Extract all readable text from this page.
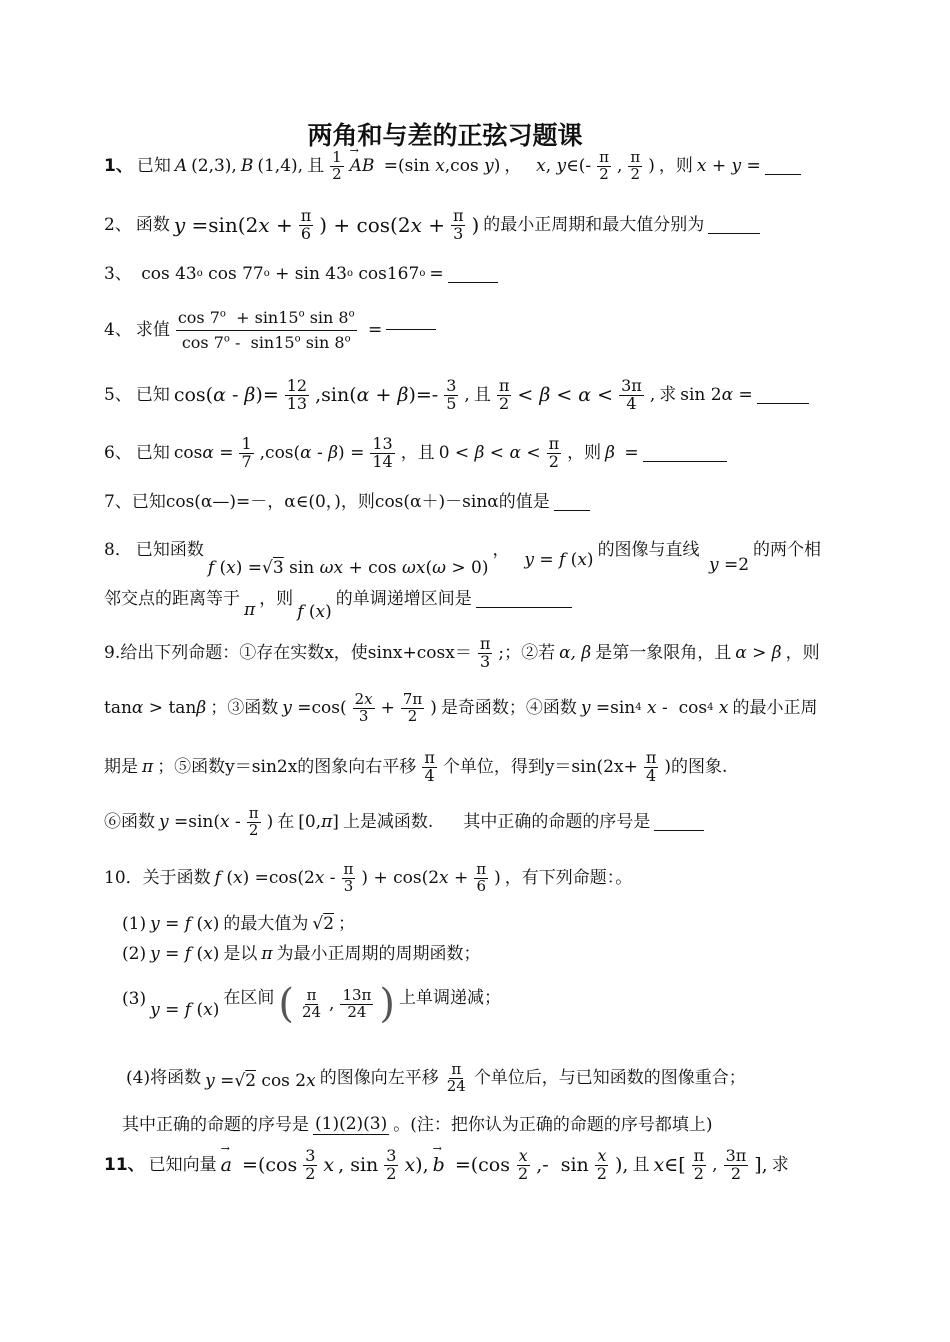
两角和与差的正弦习题课
1、 已知 A (2,3), B (1,4), 且 $\frac{1}{2}$ → AB =(sin x ,cos y ) ，
x , y ∈(- $\frac{\pi}{2}$ , $\frac{\pi}{2}$ ) ，则 x + y =
2、 函数 y =sin(2 $x + \frac{\pi}{6}$ ) + cos(2 $x + \frac{\pi}{3}$ ) 的最小正周期和最大值分别为
3、 cos 43 o cos 77 o + sin 43 o cos167 o =
4、 求值 $\frac{\cos 7^o + \sin 15^o \sin 8^o}{\cos 7^o - \sin 15^o \sin 8^o}$ =
5、 已知 cos( α - β )= $\frac{12}{13} ,\sin$( α + β )=- $\frac{3}{5}$ , 且 $\frac{\pi}{2} < \beta < \alpha < \frac{3\pi}{4}$ , 求 sin 2 α =
6、 已知 $\cos \alpha = \frac{1}{7} ,\cos$( α - β ) = $\frac{13}{14}$ ，且 $0 < \beta < \alpha < \frac{\pi}{2}$ ，则 β =
7、已知cos(α—)=－，α∈(0，)，则cos(α＋)－sinα的值是
8． 已知函数
f ( x ) =√ 3 sin ωx + cos ωx ( ω > 0)
，
y = f ( x ) 的图像与直线

y =2
的两个相
邻交点的距离等于
π
，则
f ( x )
的单调递增区间是
9.给出下列命题：①存在实数x，使$\sin x+\cos x= \frac{\pi}{3}$ ;；②若 α, β 是第一象限角，且 α > β ，则
tan α > tan β ；③函数 $y =\cos( \frac{2x}{3} + \frac{7\pi}{2}$ ) 是奇函数；④函数 y =sin 4
x -  cos 4
x 的最小正周
期是 π ；⑤函数y＝sin2x的图象向右平移 $\frac{\pi}{4}$ 个单位，得到$y=\sin(2x+ \frac{\pi}{4}$ )的图象.
⑥函数 y =sin( x - $\frac{\pi}{2}$ ) 在 [0, π ] 上是减函数. 其中正确的命题的序号是
10．关于函数 f ( x ) =cos(2 x - $\frac{\pi}{3}$ ) + cos(2 $x + \frac{\pi}{6}$ ) ，有下列命题：。
(1) y = f ( x ) 的最大值为 √ 2 ；
(2) y = f ( x ) 是以 π 为最小正周期的周期函数；
(3)
y = f ( x )
在区间 ( $\frac{\pi}{24}$ , $\frac{13\pi}{24}$ ) 上单调递减；
(4)将函数 y =√ 2 cos 2 x 的图像向左平移 $\frac{\pi}{24}$ 个单位后，与已知函数的图像重合；
其中正确的命题的序号是 (1)(2)(3) 。(注：把你认为正确的命题的序号都填上)
11、 已知向量 → $a =(\cos \frac{3}{2}$ x , $\sin \frac{3}{2}$ x ), → $b =(\cos \frac{x}{2}$ ,-  $\sin \frac{x}{2}$ ), 且 x ∈[ $\frac{\pi}{2}$ , $\frac{3\pi}{2}$ ], 求
